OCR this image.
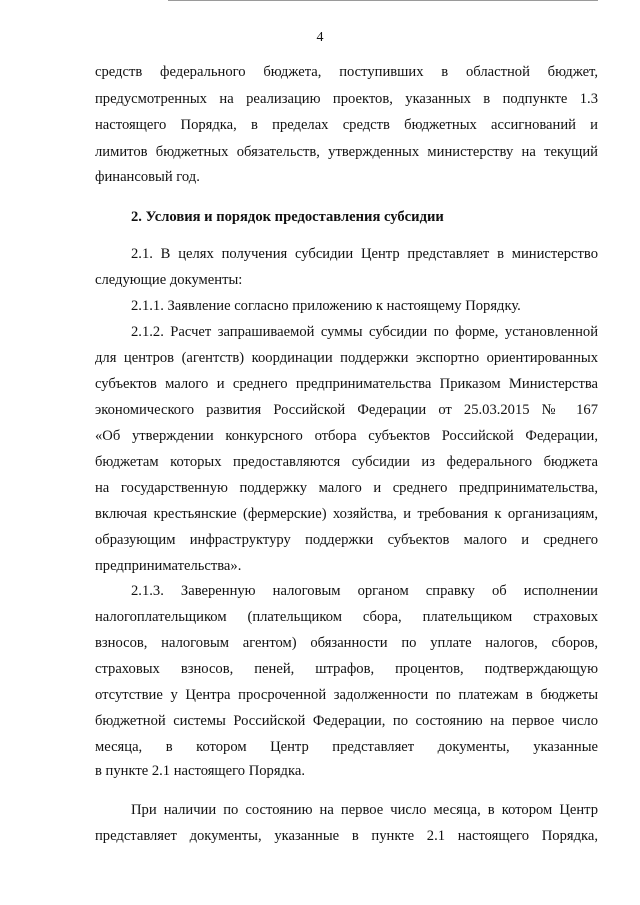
4
средств федерального бюджета, поступивших в областной бюджет,
предусмотренных на реализацию проектов, указанных в подпункте 1.3
настоящего Порядка, в пределах средств бюджетных ассигнований и
лимитов бюджетных обязательств, утвержденных министерству на текущий
финансовый год.
2. Условия и порядок предоставления субсидии
2.1. В целях получения субсидии Центр представляет в министерство
следующие документы:
2.1.1. Заявление согласно приложению к настоящему Порядку.
2.1.2. Расчет запрашиваемой суммы субсидии по форме, установленной
для центров (агентств) координации поддержки экспортно ориентированных
субъектов малого и среднего предпринимательства Приказом Министерства
экономического развития Российской Федерации от 25.03.2015 № 167
«Об утверждении конкурсного отбора субъектов Российской Федерации,
бюджетам которых предоставляются субсидии из федерального бюджета
на государственную поддержку малого и среднего предпринимательства,
включая крестьянские (фермерские) хозяйства, и требования к организациям,
образующим инфраструктуру поддержки субъектов малого и среднего
предпринимательства».
2.1.3. Заверенную налоговым органом справку об исполнении
налогоплательщиком (плательщиком сбора, плательщиком страховых
взносов, налоговым агентом) обязанности по уплате налогов, сборов,
страховых взносов, пеней, штрафов, процентов, подтверждающую
отсутствие у Центра просроченной задолженности по платежам в бюджеты
бюджетной системы Российской Федерации, по состоянию на первое число
месяца, в котором Центр представляет документы, указанные
в пункте 2.1 настоящего Порядка.
При наличии по состоянию на первое число месяца, в котором Центр
представляет документы, указанные в пункте 2.1 настоящего Порядка,
